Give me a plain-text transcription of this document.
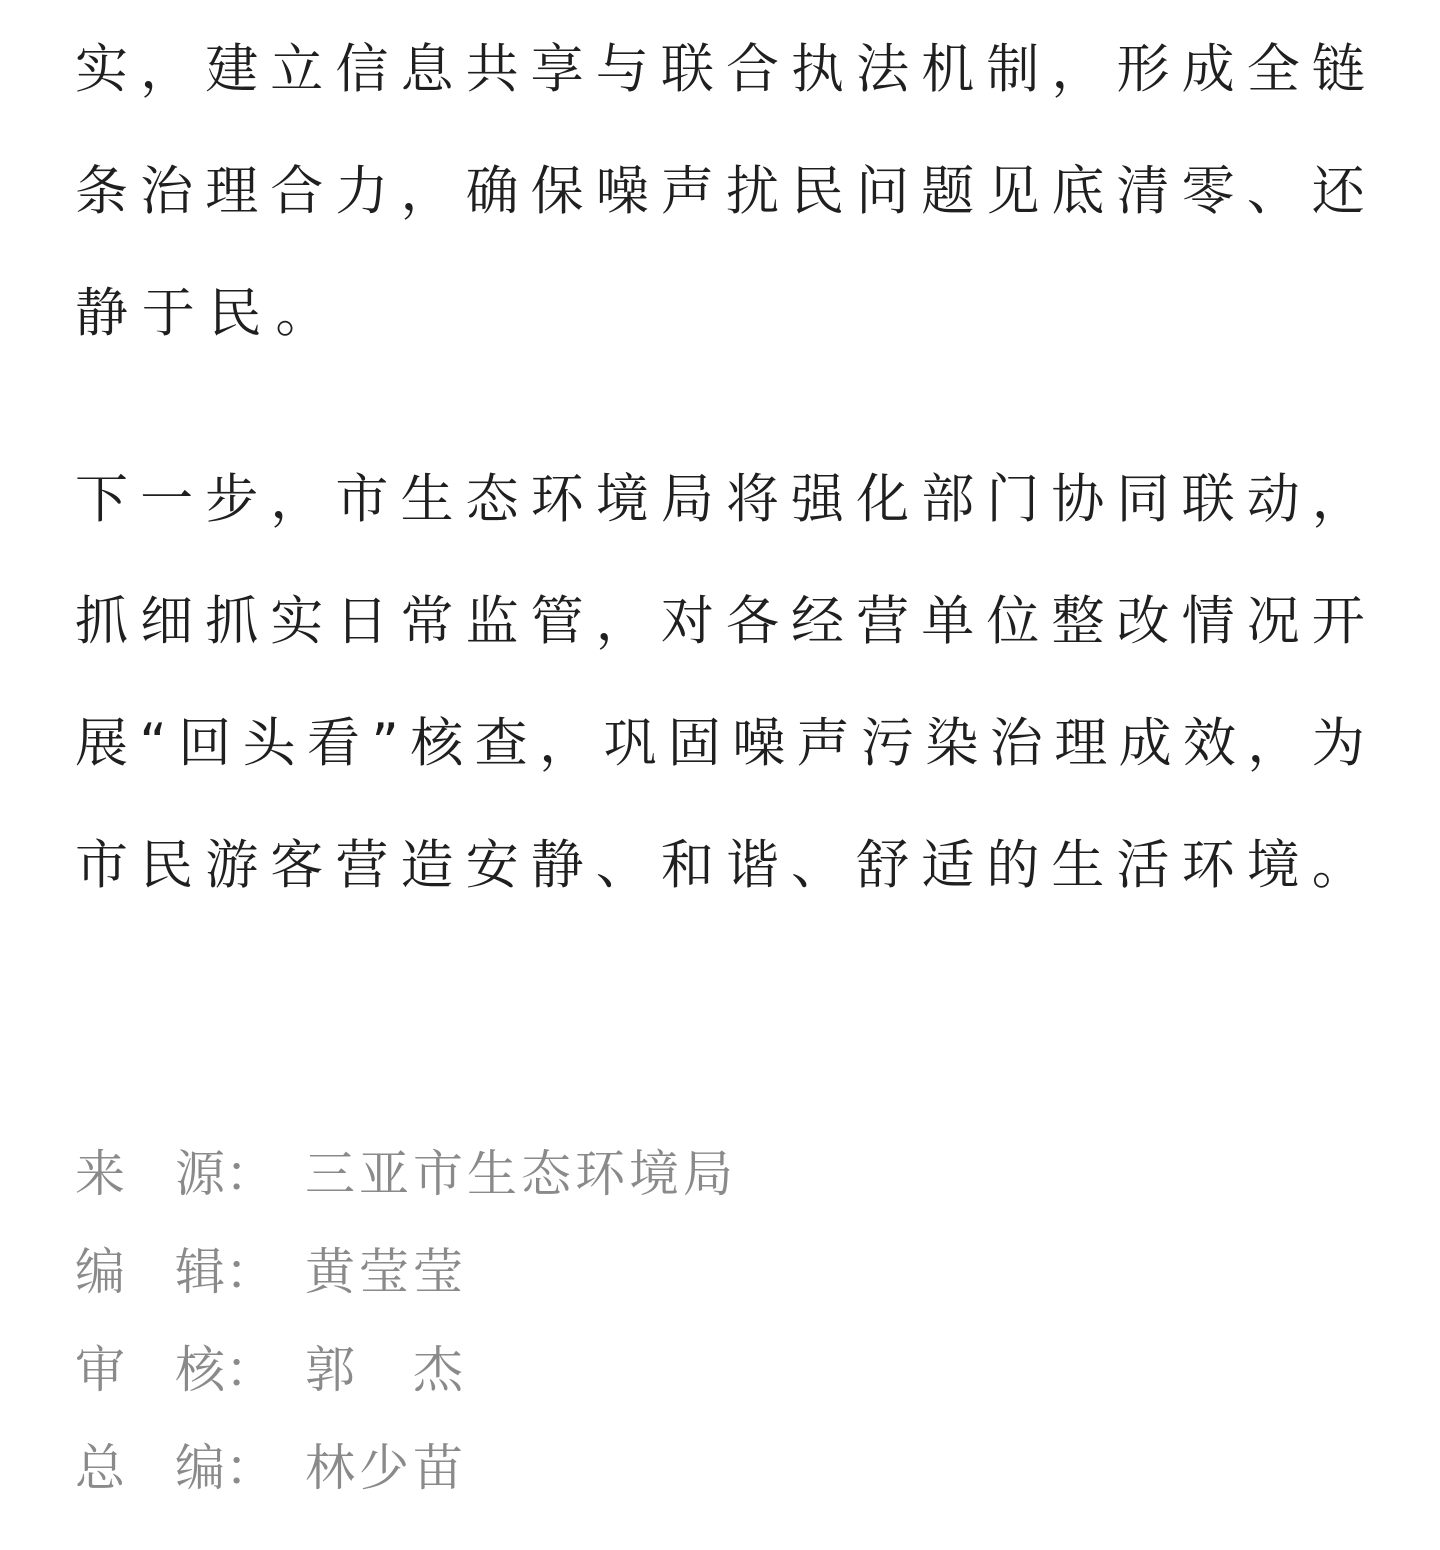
实 ， 建 立 信 息 共 享 与 联 合 执 法 机 制 ， 形 成 全 链
条 治 理 合 力 ， 确 保 噪 声 扰 民 问 题 见 底 清 零 、 还
静于民。
下 一 步 ， 市 生 态 环 境 局 将 强 化 部 门 协 同 联 动 ，
抓 细 抓 实 日 常 监 管 ， 对 各 经 营 单 位 整 改 情 况 开
展 “ 回 头 看 ” 核 查 ， 巩 固 噪 声 污 染 治 理 成 效 ， 为
市 民 游 客 营 造 安 静 、 和 谐 、 舒 适 的 生 活 环 境 。
来　源： 三亚市生态环境局
编　辑： 黄莹莹
审　核： 郭　杰
总　编： 林少苗
